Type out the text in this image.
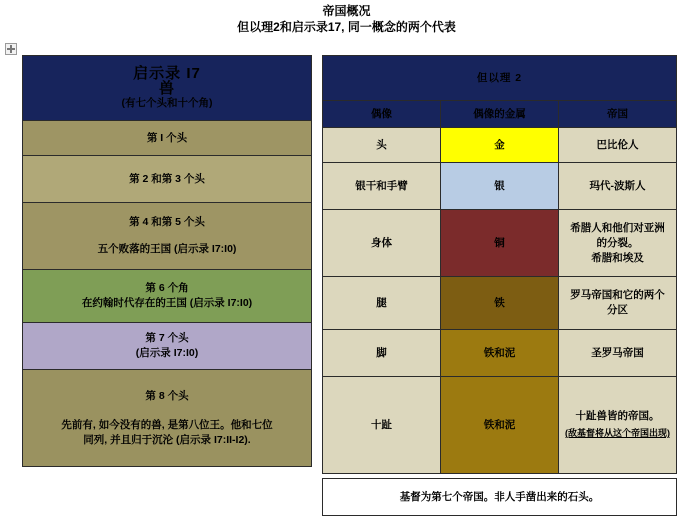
帝国概况
但以理2和启示录17, 同一概念的两个代表
启示录 I7
兽
(有七个头和十个角)

第 I 个头

第 2 和第 3 个头

第 4 和第 5 个头
五个败落的王国 (启示录 I7:I0)

第 6 个角
在约翰时代存在的王国 (启示录 I7:I0)

第 7 个头
(启示录 I7:I0)

第 8 个头
先前有, 如今没有的兽, 是第八位王。他和七位
同列, 并且归于沉沦 (启示录 I7:II-I2).
但以理 2		
偶像	偶像的金属	帝国
头	金	巴比伦人
银干和手臂	银	玛代-波斯人
身体	铜	希腊人和他们对亚洲
的分裂。
希腊和埃及

腿	铁	罗马帝国和它的两个
分区

脚	铁和泥	圣罗马帝国
十趾	铁和泥	十趾兽皆的帝国。
(敌基督将从这个帝国出现)
基督为第七个帝国。非人手凿出来的石头。
